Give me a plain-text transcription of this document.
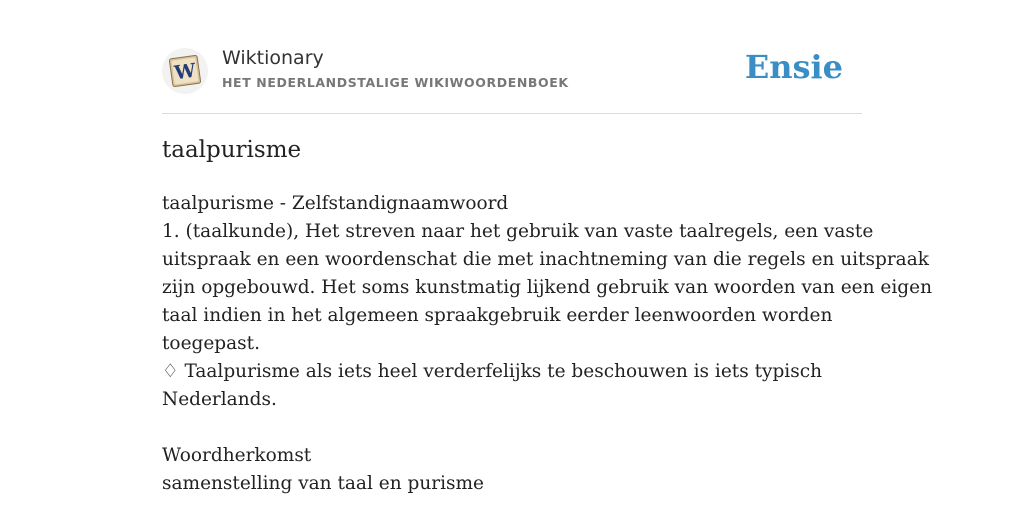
W
Wiktionary
HET NEDERLANDSTALIGE WIKIWOORDENBOEK	Ensie
taalpurisme
taalpurisme - Zelfstandignaamwoord
1. (taalkunde), Het streven naar het gebruik van vaste taalregels, een vaste
uitspraak en een woordenschat die met inachtneming van die regels en uitspraak
zijn opgebouwd. Het soms kunstmatig lijkend gebruik van woorden van een eigen
taal indien in het algemeen spraakgebruik eerder leenwoorden worden
toegepast.
♢ Taalpurisme als iets heel verderfelijks te beschouwen is iets typisch
Nederlands.
Woordherkomst
samenstelling van taal en purisme
